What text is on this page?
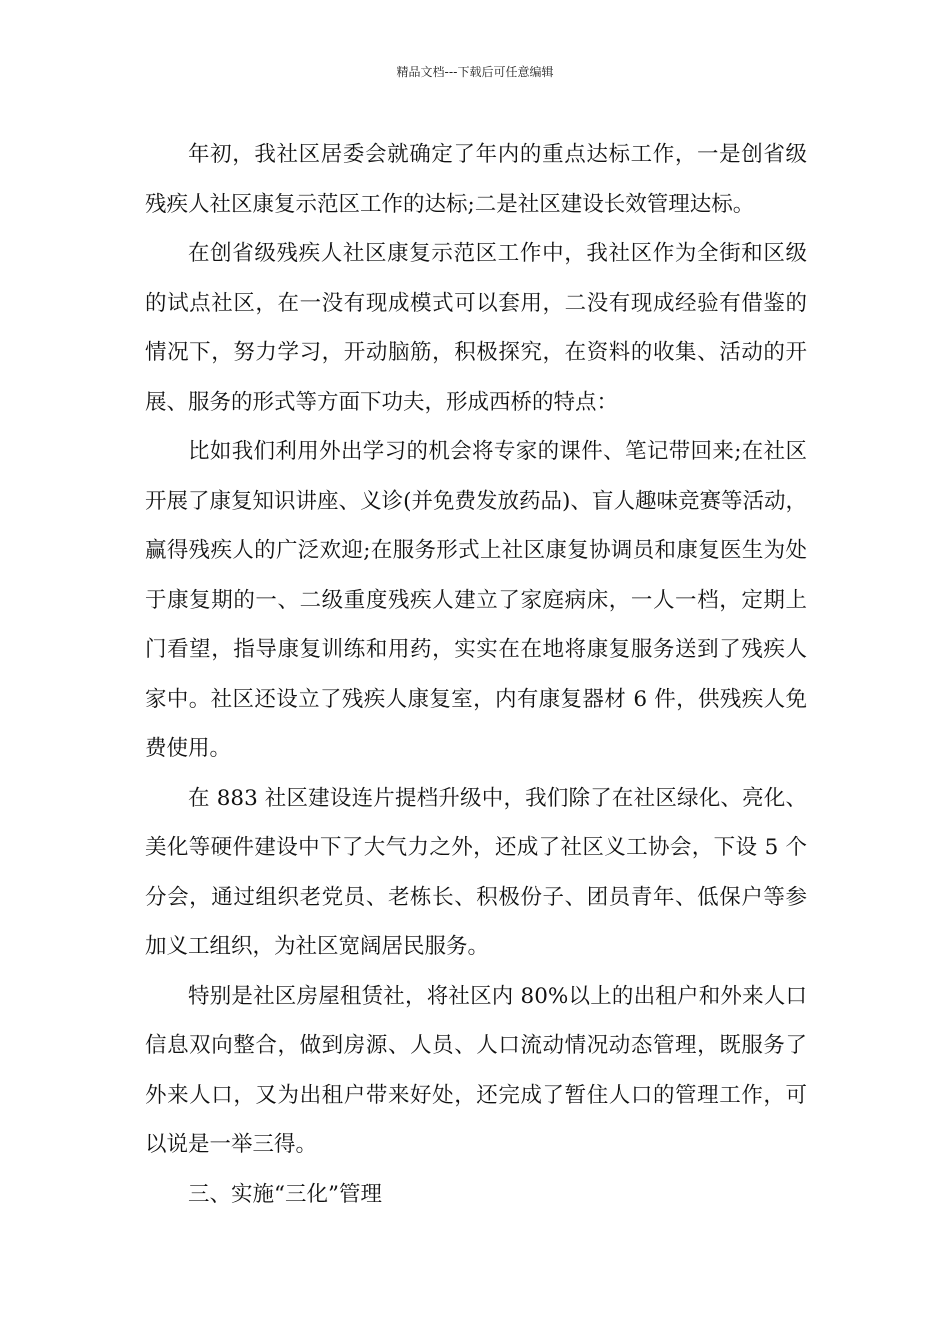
精品文档---下载后可任意编辑

年初，我社区居委会就确定了年内的重点达标工作，一是创省级残疾人社区康复示范区工作的达标;二是社区建设长效管理达标。

在创省级残疾人社区康复示范区工作中，我社区作为全街和区级的试点社区，在一没有现成模式可以套用，二没有现成经验有借鉴的情况下，努力学习，开动脑筋，积极探究，在资料的收集、活动的开展、服务的形式等方面下功夫，形成西桥的特点：

比如我们利用外出学习的机会将专家的课件、笔记带回来;在社区开展了康复知识讲座、义诊(并免费发放药品)、盲人趣味竞赛等活动，赢得残疾人的广泛欢迎;在服务形式上社区康复协调员和康复医生为处于康复期的一、二级重度残疾人建立了家庭病床，一人一档，定期上门看望，指导康复训练和用药，实实在在地将康复服务送到了残疾人家中。社区还设立了残疾人康复室，内有康复器材 6 件，供残疾人免费使用。

在 883 社区建设连片提档升级中，我们除了在社区绿化、亮化、美化等硬件建设中下了大气力之外，还成了社区义工协会，下设 5 个分会，通过组织老党员、老栋长、积极份子、团员青年、低保户等参加义工组织，为社区宽阔居民服务。

特别是社区房屋租赁社，将社区内 80%以上的出租户和外来人口信息双向整合，做到房源、人员、人口流动情况动态管理，既服务了外来人口，又为出租户带来好处，还完成了暂住人口的管理工作，可以说是一举三得。

三、实施“三化”管理
